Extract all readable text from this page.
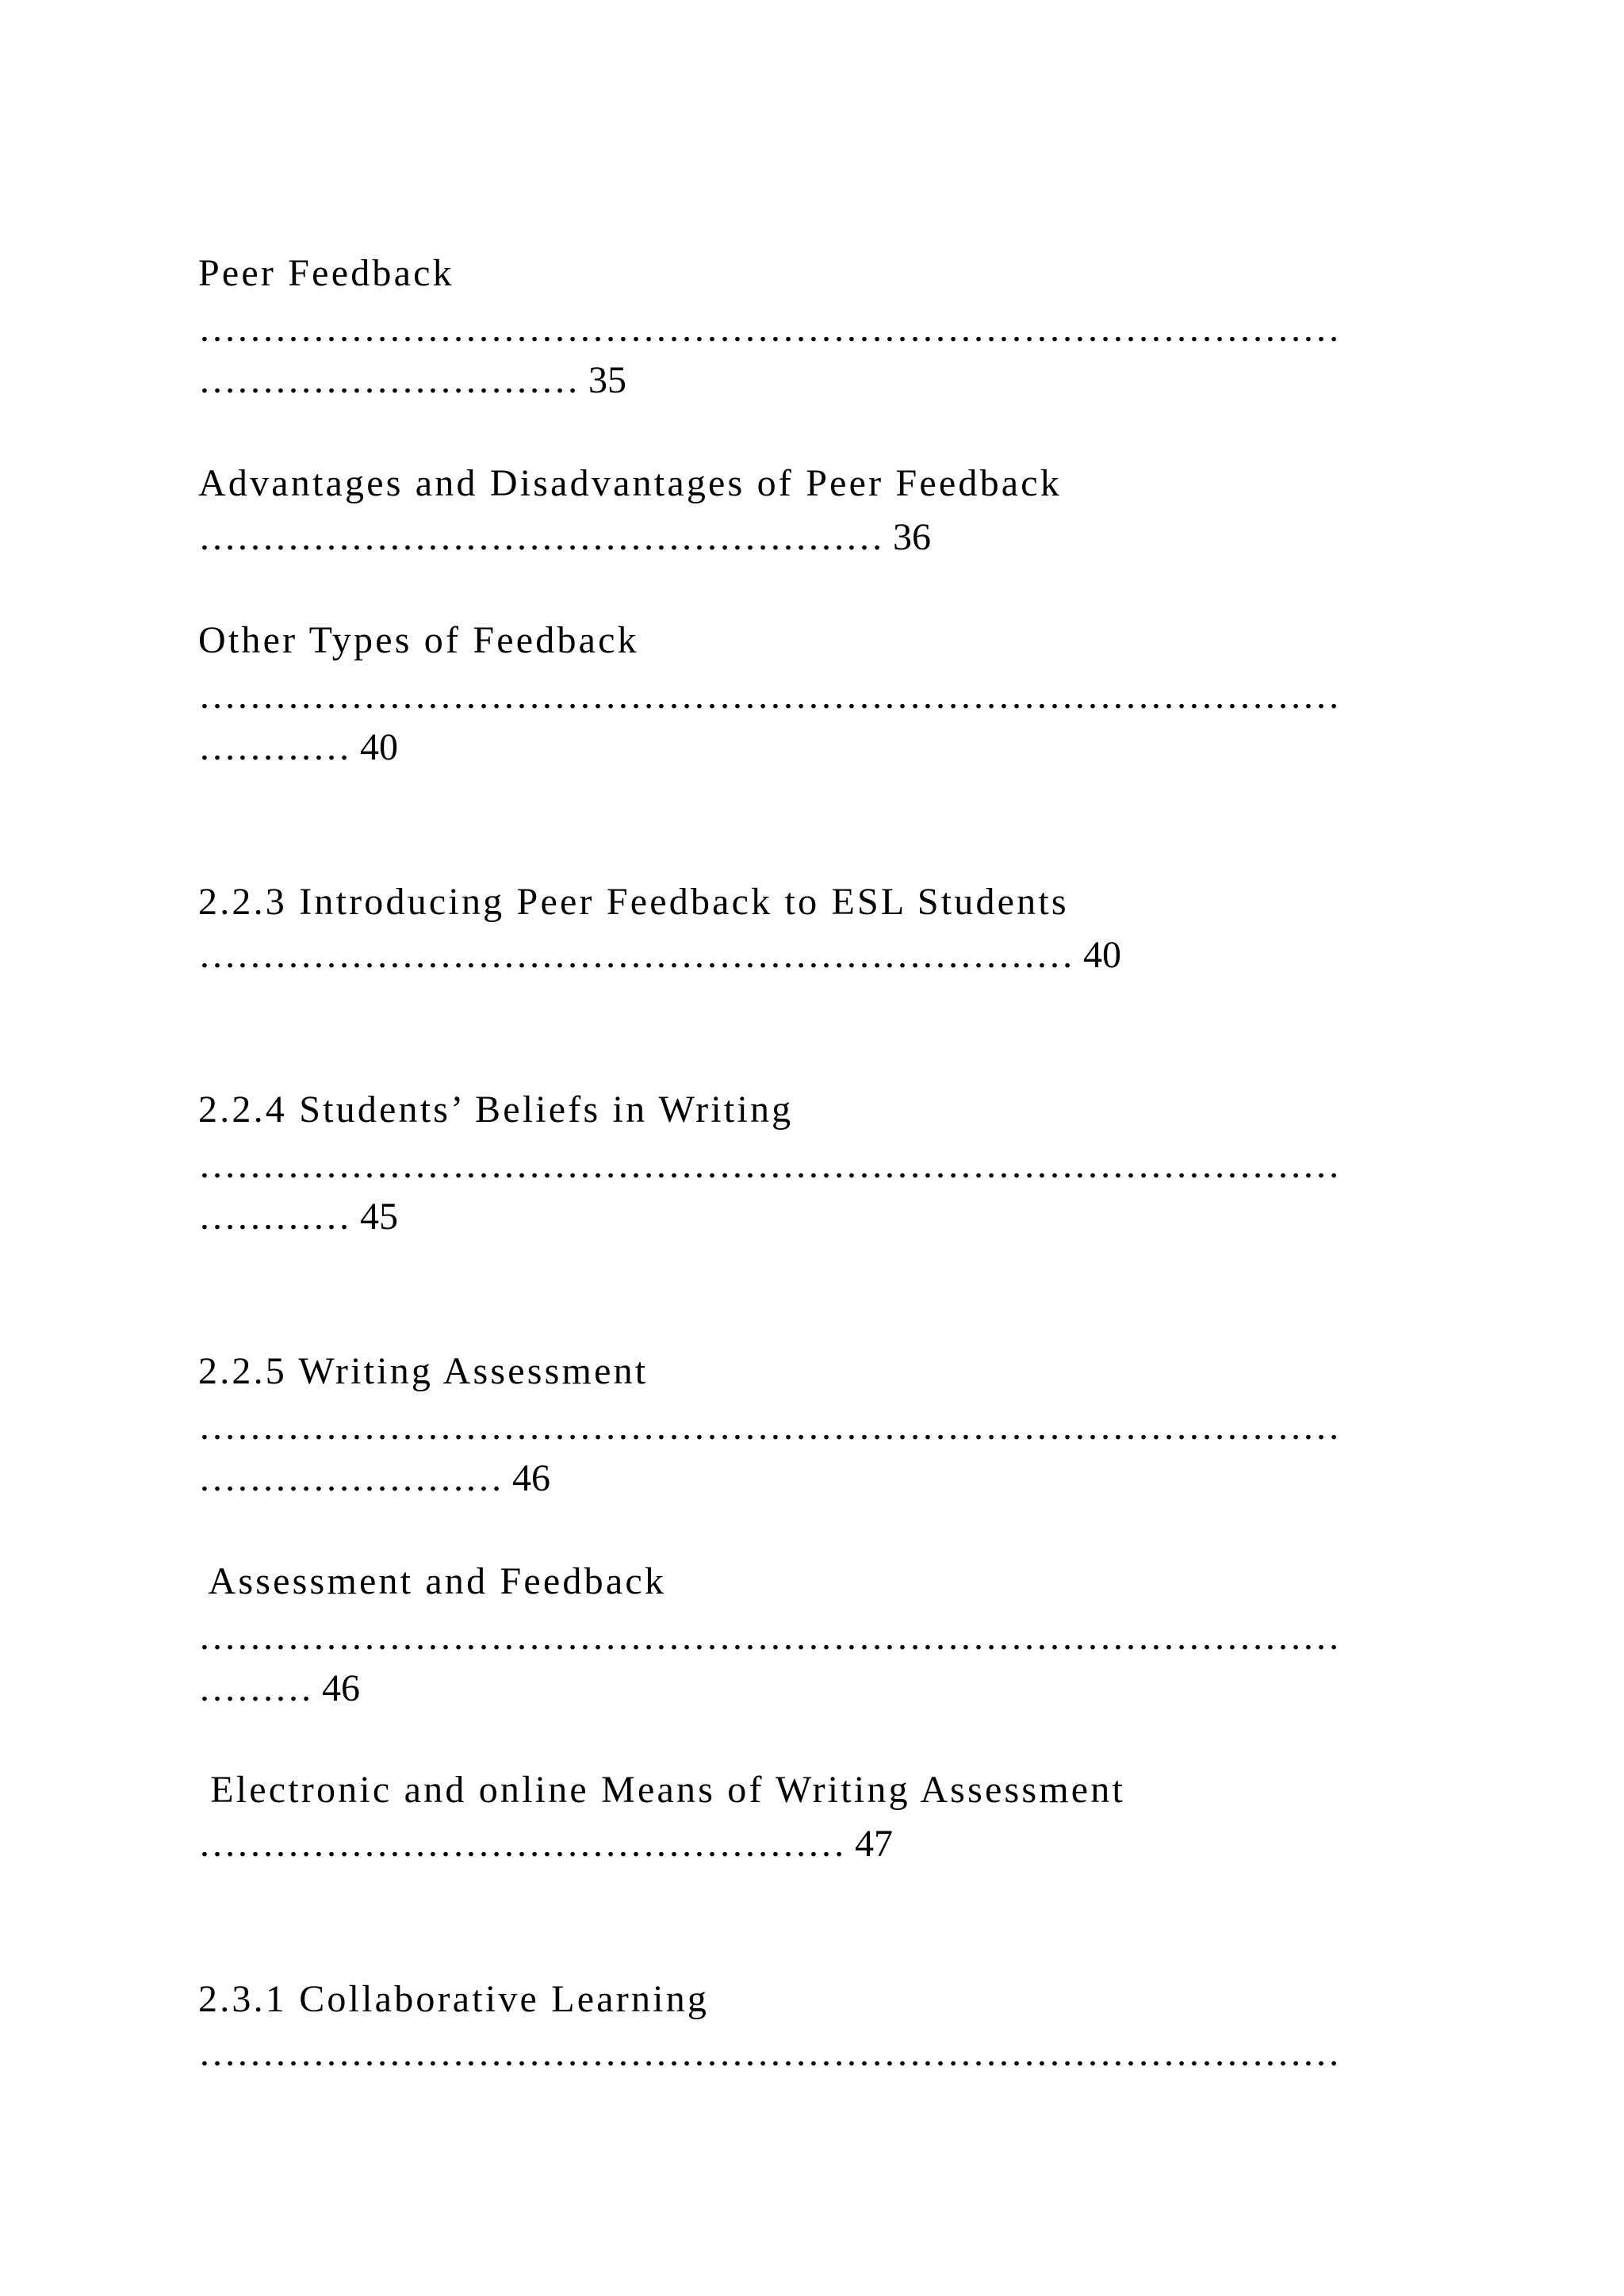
Peer Feedback
………………………………………………………………………………
………………………… 35
Advantages and Disadvantages of Peer Feedback
……………………………………………… 36
Other Types of Feedback
………………………………………………………………………………
………… 40
2.2.3 Introducing Peer Feedback to ESL Students
…………………………………………………………… 40
2.2.4 Students’ Beliefs in Writing
………………………………………………………………………………
………… 45
2.2.5 Writing Assessment
………………………………………………………………………………
…………………… 46
Assessment and Feedback
………………………………………………………………………………
……… 46
Electronic and online Means of Writing Assessment
…………………………………………… 47
2.3.1 Collaborative Learning
………………………………………………………………………………
